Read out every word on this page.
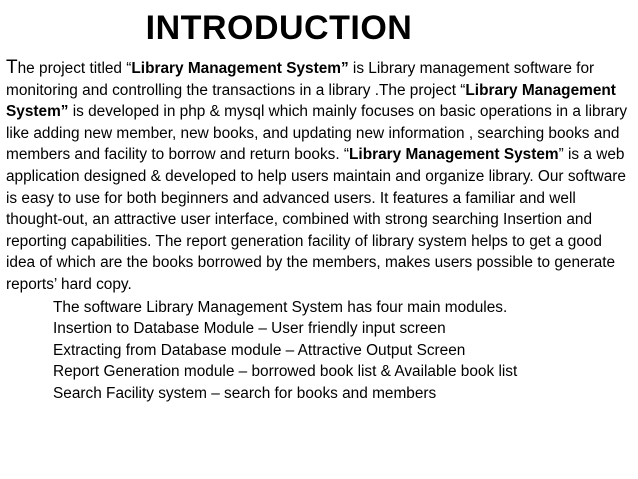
INTRODUCTION

The project titled “Library Management System” is Library management software for monitoring and controlling the transactions in a library .The project “Library Management System” is developed in php & mysql which mainly focuses on basic operations in a library like adding new member, new books, and updating new information , searching books and members and facility to borrow and return books. “Library Management System” is a web application designed & developed to help users maintain and organize library. Our software is easy to use for both beginners and advanced users. It features a familiar and well thought-out, an attractive user interface, combined with strong searching Insertion and reporting capabilities. The report generation facility of library system helps to get a good idea of which are the books borrowed by the members, makes users possible to generate reports’ hard copy.

The software Library Management System has four main modules.
Insertion to Database Module – User friendly input screen
Extracting from Database module – Attractive Output Screen
Report Generation module – borrowed book list & Available book list
Search Facility system – search for books and members
